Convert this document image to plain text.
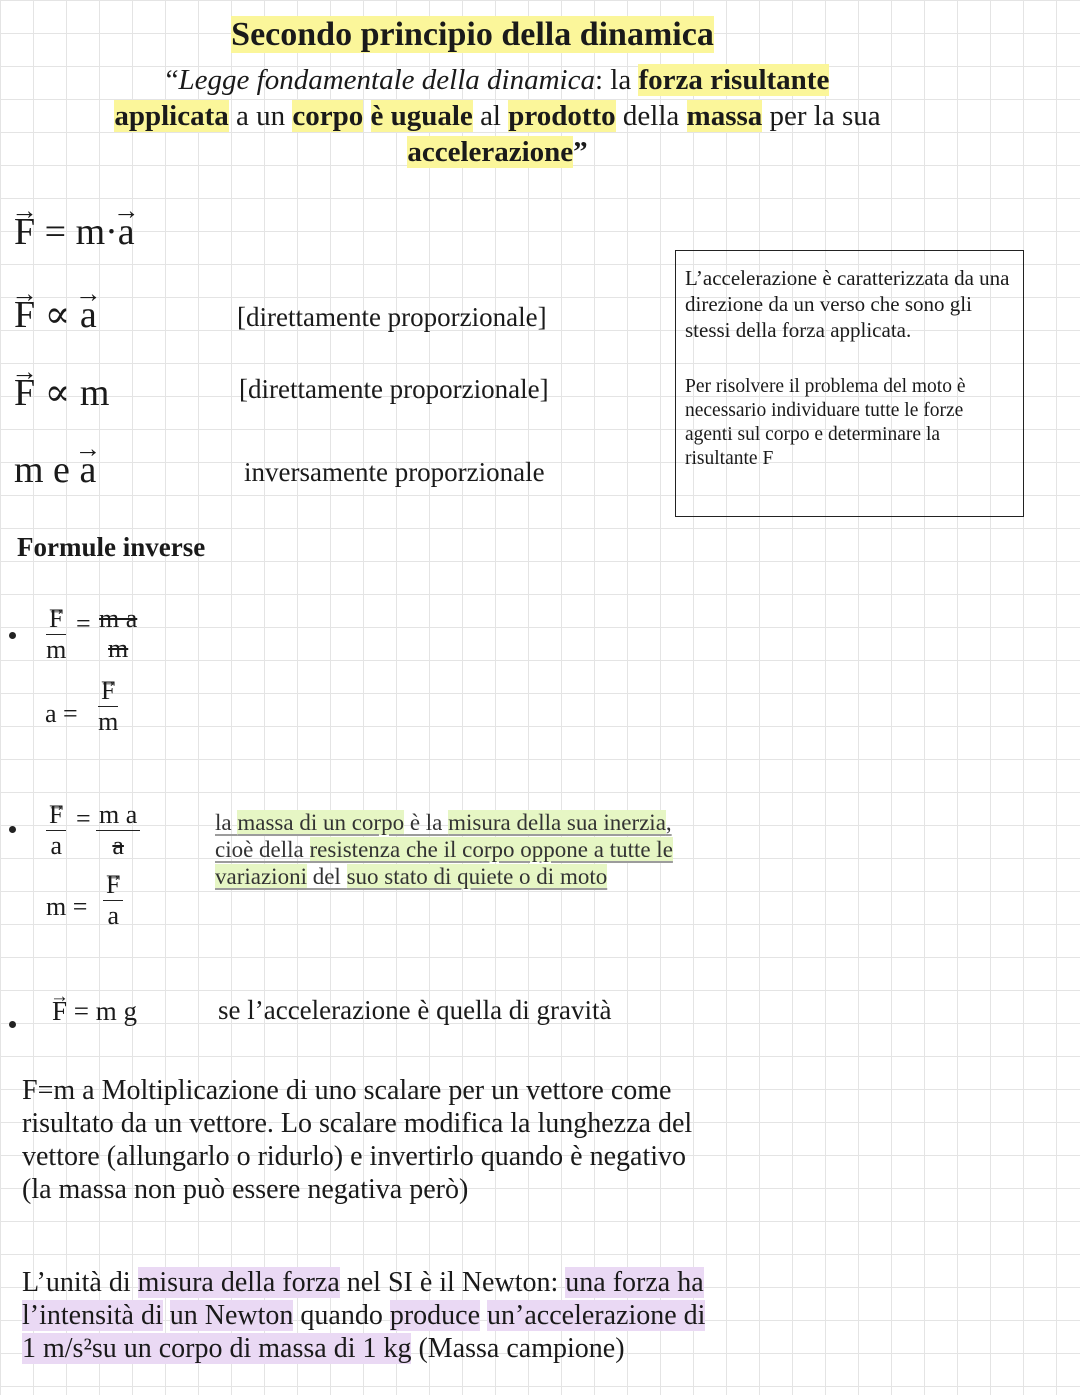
Secondo principio della dinamica
“Legge fondamentale della dinamica: la forza risultante
applicata a un corpo è uguale al prodotto della massa per la sua
accelerazione”
→ F = m·→ a
→ F ∝ → a	[direttamente proporzionale]
→ F ∝ m	[direttamente proporzionale]
m e → a	inversamente proporzionale

L’accelerazione è caratterizzata da una direzione da un verso che sono gli stessi della forza applicata.

Per risolvere il problema del moto è necessario individuare tutte le forze agenti sul corpo e determinare la risultante F

Formule inverse
→ $\frac{F}{m} = m$ a
m
a = → $\frac{F}{m}$
→ $\frac{F}{a} = \frac{\text{m a}}{a}$
m = → $\frac{F}{a}$
la massa di un corpo è la misura della sua inerzia, cioè della resistenza che il corpo oppone a tutte le variazioni del suo stato di quiete o di moto
→ F = m g	se l’accelerazione è quella di gravità
F=m a Moltiplicazione di uno scalare per un vettore come risultato da un vettore. Lo scalare modifica la lunghezza del vettore (allungarlo o ridurlo) e invertirlo quando è negativo (la massa non può essere negativa però)
L’unità di misura della forza nel SI è il Newton: una forza ha l’intensità di un Newton quando produce un’accelerazione di 1 m/s²su un corpo di massa di 1 kg (Massa campione)
